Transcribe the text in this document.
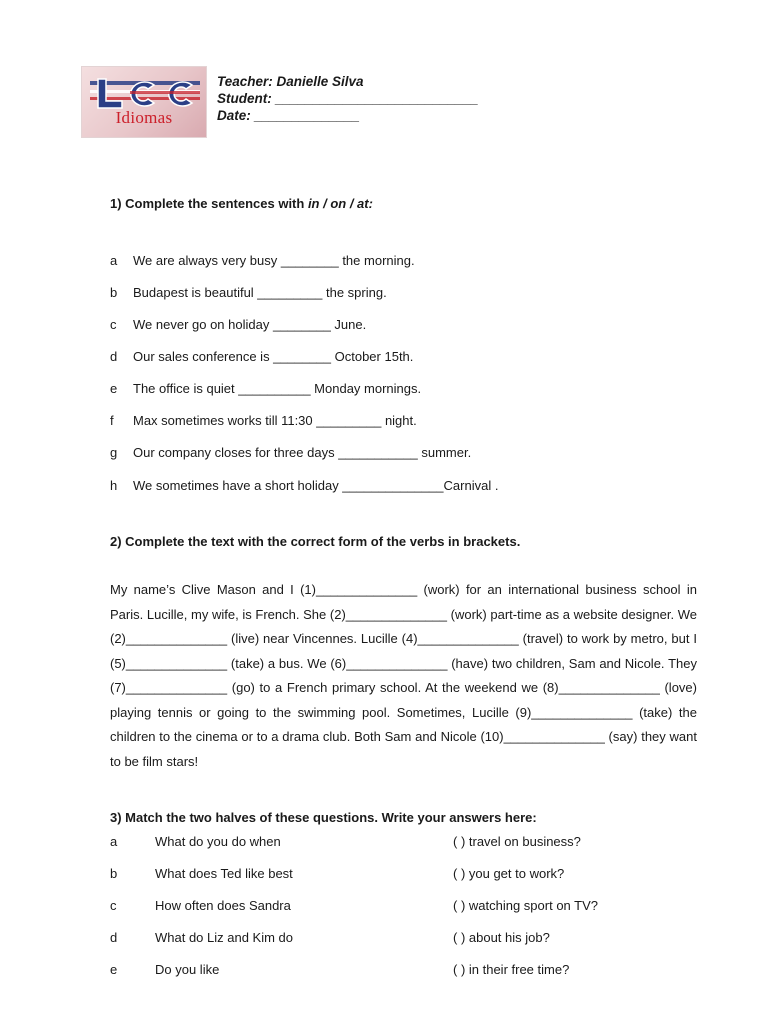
Idiomas
Teacher: Danielle Silva
Student: ___________________________
Date: ______________
1) Complete the sentences with in / on / at:
a We are always very busy ________ the morning.
b Budapest is beautiful _________ the spring.
c We never go on holiday ________ June.
d Our sales conference is ________ October 15th.
e The office is quiet __________ Monday mornings.
f Max sometimes works till 11:30 _________ night.
g Our company closes for three days ___________ summer.
h We sometimes have a short holiday ______________Carnival .
2) Complete the text with the correct form of the verbs in brackets.
My name’s Clive Mason and I (1)______________ (work) for an international business school in Paris. Lucille, my wife, is French. She (2)______________ (work) part-time as a website designer. We (2)______________ (live) near Vincennes. Lucille (4)______________ (travel) to work by metro, but I (5)______________ (take) a bus. We (6)______________ (have) two children, Sam and Nicole. They (7)______________ (go) to a French primary school. At the weekend we (8)______________ (love) playing tennis or going to the swimming pool. Sometimes, Lucille (9)______________ (take) the children to the cinema or to a drama club. Both Sam and Nicole (10)______________ (say) they want to be film stars!
3) Match the two halves of these questions. Write your answers here:
a	What do you do when	( ) travel on business?
b	What does Ted like best	( ) you get to work?
c	How often does Sandra	( ) watching sport on TV?
d	What do Liz and Kim do	( ) about his job?
e	Do you like	( ) in their free time?
